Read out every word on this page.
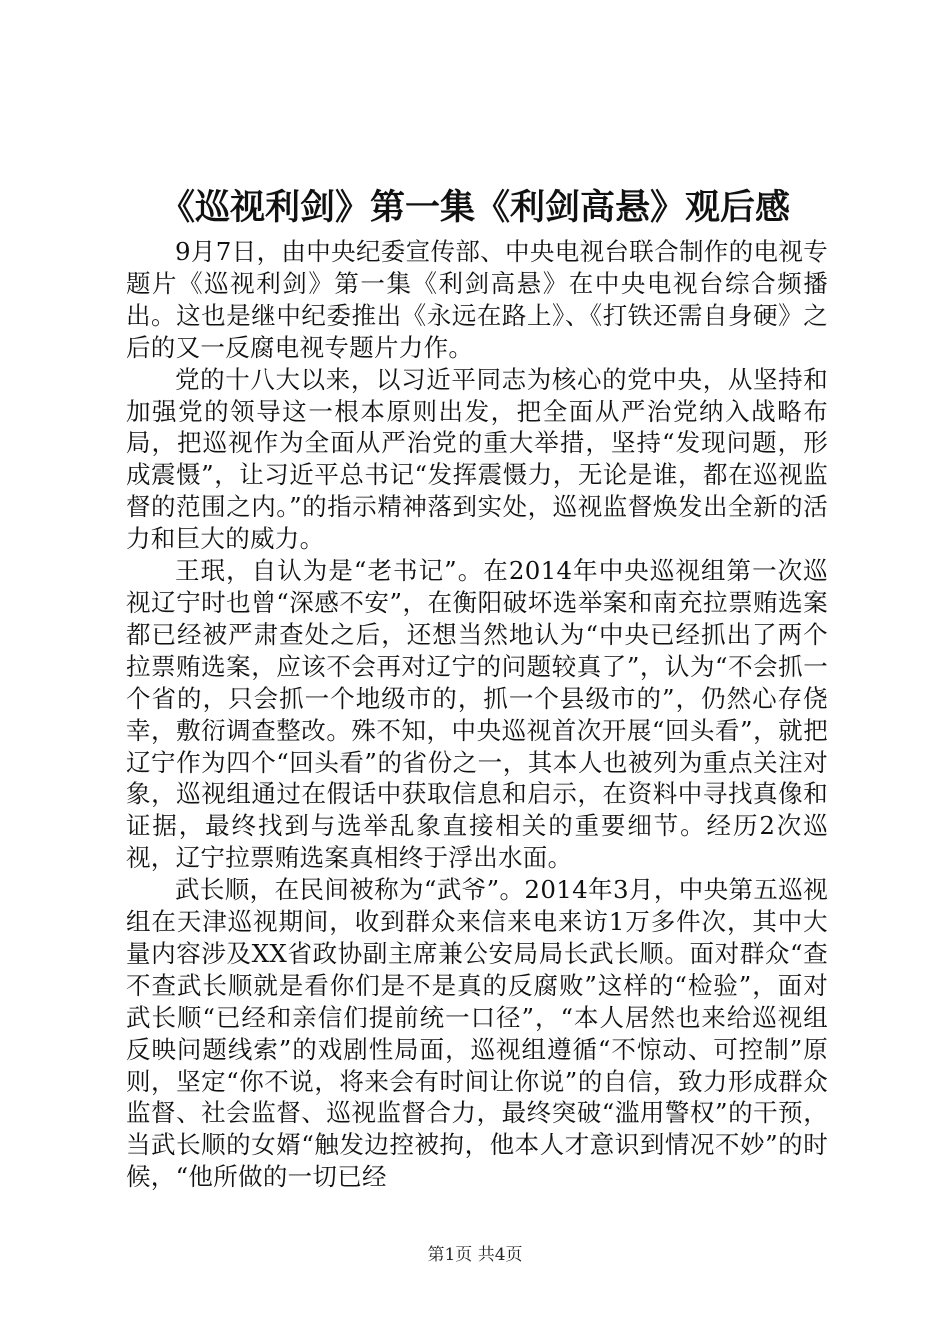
《巡视利剑》第一集《利剑高悬》观后感

9月7日，由中央纪委宣传部、中央电视台联合制作的电视专题片《巡视利剑》第一集《利剑高悬》在中央电视台综合频播出。这也是继中纪委推出《永远在路上》、《打铁还需自身硬》之后的又一反腐电视专题片力作。

党的十八大以来，以习近平同志为核心的党中央，从坚持和加强党的领导这一根本原则出发，把全面从严治党纳入战略布局，把巡视作为全面从严治党的重大举措，坚持“发现问题，形成震慑”，让习近平总书记“发挥震慑力，无论是谁，都在巡视监督的范围之内。”的指示精神落到实处，巡视监督焕发出全新的活力和巨大的威力。

王珉，自认为是“老书记”。在2014年中央巡视组第一次巡视辽宁时也曾“深感不安”，在衡阳破坏选举案和南充拉票贿选案都已经被严肃查处之后，还想当然地认为“中央已经抓出了两个拉票贿选案，应该不会再对辽宁的问题较真了”，认为“不会抓一个省的，只会抓一个地级市的，抓一个县级市的”，仍然心存侥幸，敷衍调查整改。殊不知，中央巡视首次开展“回头看”，就把辽宁作为四个“回头看”的省份之一，其本人也被列为重点关注对象，巡视组通过在假话中获取信息和启示，在资料中寻找真像和证据，最终找到与选举乱象直接相关的重要细节。经历2次巡视，辽宁拉票贿选案真相终于浮出水面。

武长顺，在民间被称为“武爷”。2014年3月，中央第五巡视组在天津巡视期间，收到群众来信来电来访1万多件次，其中大量内容涉及XX省政协副主席兼公安局局长武长顺。面对群众“查不查武长顺就是看你们是不是真的反腐败”这样的“检验”，面对武长顺“已经和亲信们提前统一口径”，“本人居然也来给巡视组反映问题线索”的戏剧性局面，巡视组遵循“不惊动、可控制”原则，坚定“你不说，将来会有时间让你说”的自信，致力形成群众监督、社会监督、巡视监督合力，最终突破“滥用警权”的干预，当武长顺的女婿“触发边控被拘，他本人才意识到情况不妙”的时候，“他所做的一切已经

第1页 共4页
